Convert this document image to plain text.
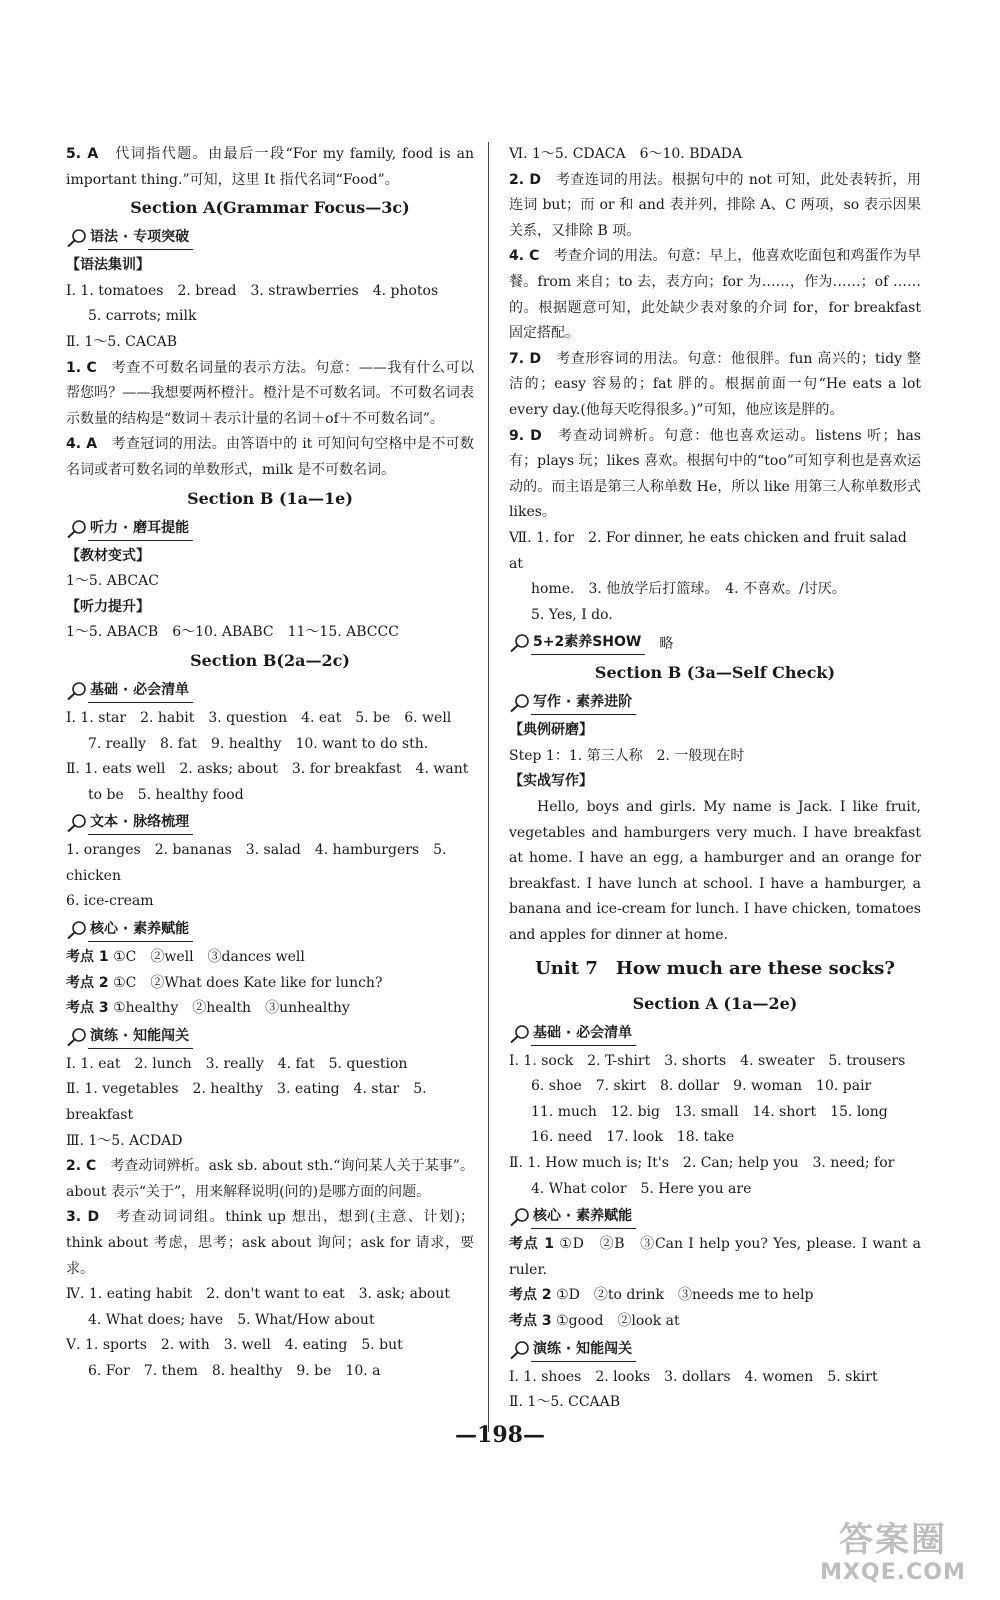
5. A　代词指代题。由最后一段“For my family, food is an important thing.”可知，这里 It 指代名词“Food”。

Section A(Grammar Focus—3c)

语法 · 专项突破

【语法集训】

Ⅰ. 1. tomatoes　2. bread　3. strawberries　4. photos

5. carrots; milk

Ⅱ. 1～5. CACAB

1. C　考查不可数名词量的表示方法。句意：——我有什么可以帮您吗？——我想要两杯橙汁。橙汁是不可数名词。不可数名词表示数量的结构是“数词＋表示计量的名词＋of＋不可数名词”。

4. A　考查冠词的用法。由答语中的 it 可知问句空格中是不可数名词或者可数名词的单数形式，milk 是不可数名词。

Section B (1a—1e)

听力 · 磨耳提能

【教材变式】

1～5. ABCAC

【听力提升】

1～5. ABACB　6～10. ABABC　11～15. ABCCC

Section B(2a—2c)

基础 · 必会清单

Ⅰ. 1. star　2. habit　3. question　4. eat　5. be　6. well

7. really　8. fat　9. healthy　10. want to do sth.

Ⅱ. 1. eats well　2. asks; about　3. for breakfast　4. want

to be　5. healthy food

文本 · 脉络梳理

1. oranges　2. bananas　3. salad　4. hamburgers　5. chicken

6. ice-cream

核心 · 素养赋能

考点 1 ①C　②well　③dances well

考点 2 ①C　②What does Kate like for lunch?

考点 3 ①healthy　②health　③unhealthy

演练 · 知能闯关

Ⅰ. 1. eat　2. lunch　3. really　4. fat　5. question

Ⅱ. 1. vegetables　2. healthy　3. eating　4. star　5. breakfast

Ⅲ. 1～5. ACDAD

2. C　考查动词辨析。ask sb. about sth.“询问某人关于某事”。about 表示“关于”，用来解释说明(问的)是哪方面的问题。

3. D　考查动词词组。think up 想出，想到(主意、计划)；think about 考虑，思考；ask about 询问；ask for 请求，要求。

Ⅳ. 1. eating habit　2. don't want to eat　3. ask; about

4. What does; have　5. What/How about

Ⅴ. 1. sports　2. with　3. well　4. eating　5. but

6. For　7. them　8. healthy　9. be　10. a

Ⅵ. 1～5. CDACA　6～10. BDADA

2. D　考查连词的用法。根据句中的 not 可知，此处表转折，用连词 but；而 or 和 and 表并列，排除 A、C 两项，so 表示因果关系，又排除 B 项。

4. C　考查介词的用法。句意：早上，他喜欢吃面包和鸡蛋作为早餐。from 来自；to 去，表方向；for 为……，作为……；of ……的。根据题意可知，此处缺少表对象的介词 for，for breakfast 固定搭配。

7. D　考查形容词的用法。句意：他很胖。fun 高兴的；tidy 整洁的；easy 容易的；fat 胖的。根据前面一句“He eats a lot every day.(他每天吃得很多。)”可知，他应该是胖的。

9. D　考查动词辨析。句意：他也喜欢运动。listens 听；has 有；plays 玩；likes 喜欢。根据句中的“too”可知亨利也是喜欢运动的。而主语是第三人称单数 He，所以 like 用第三人称单数形式 likes。

Ⅶ. 1. for　2. For dinner, he eats chicken and fruit salad at

home.　3. 他放学后打篮球。　4. 不喜欢。/讨厌。

5. Yes, I do.

5+2素养SHOW 略

Section B (3a—Self Check)

写作 · 素养进阶

【典例研磨】

Step 1：1. 第三人称　2. 一般现在时

【实战写作】

Hello, boys and girls. My name is Jack. I like fruit, vegetables and hamburgers very much. I have breakfast at home. I have an egg, a hamburger and an orange for breakfast. I have lunch at school. I have a hamburger, a banana and ice-cream for lunch. I have chicken, tomatoes and apples for dinner at home.

Unit 7　How much are these socks?

Section A (1a—2e)

基础 · 必会清单

Ⅰ. 1. sock　2. T-shirt　3. shorts　4. sweater　5. trousers

6. shoe　7. skirt　8. dollar　9. woman　10. pair

11. much　12. big　13. small　14. short　15. long

16. need　17. look　18. take

Ⅱ. 1. How much is; It's　2. Can; help you　3. need; for

4. What color　5. Here you are

核心 · 素养赋能

考点 1 ①D　②B　③Can I help you? Yes, please. I want a ruler.

考点 2 ①D　②to drink　③needs me to help

考点 3 ①good　②look at

演练 · 知能闯关

Ⅰ. 1. shoes　2. looks　3. dollars　4. women　5. skirt

Ⅱ. 1～5. CCAAB

—198—
答案圈
MXQE.COM
